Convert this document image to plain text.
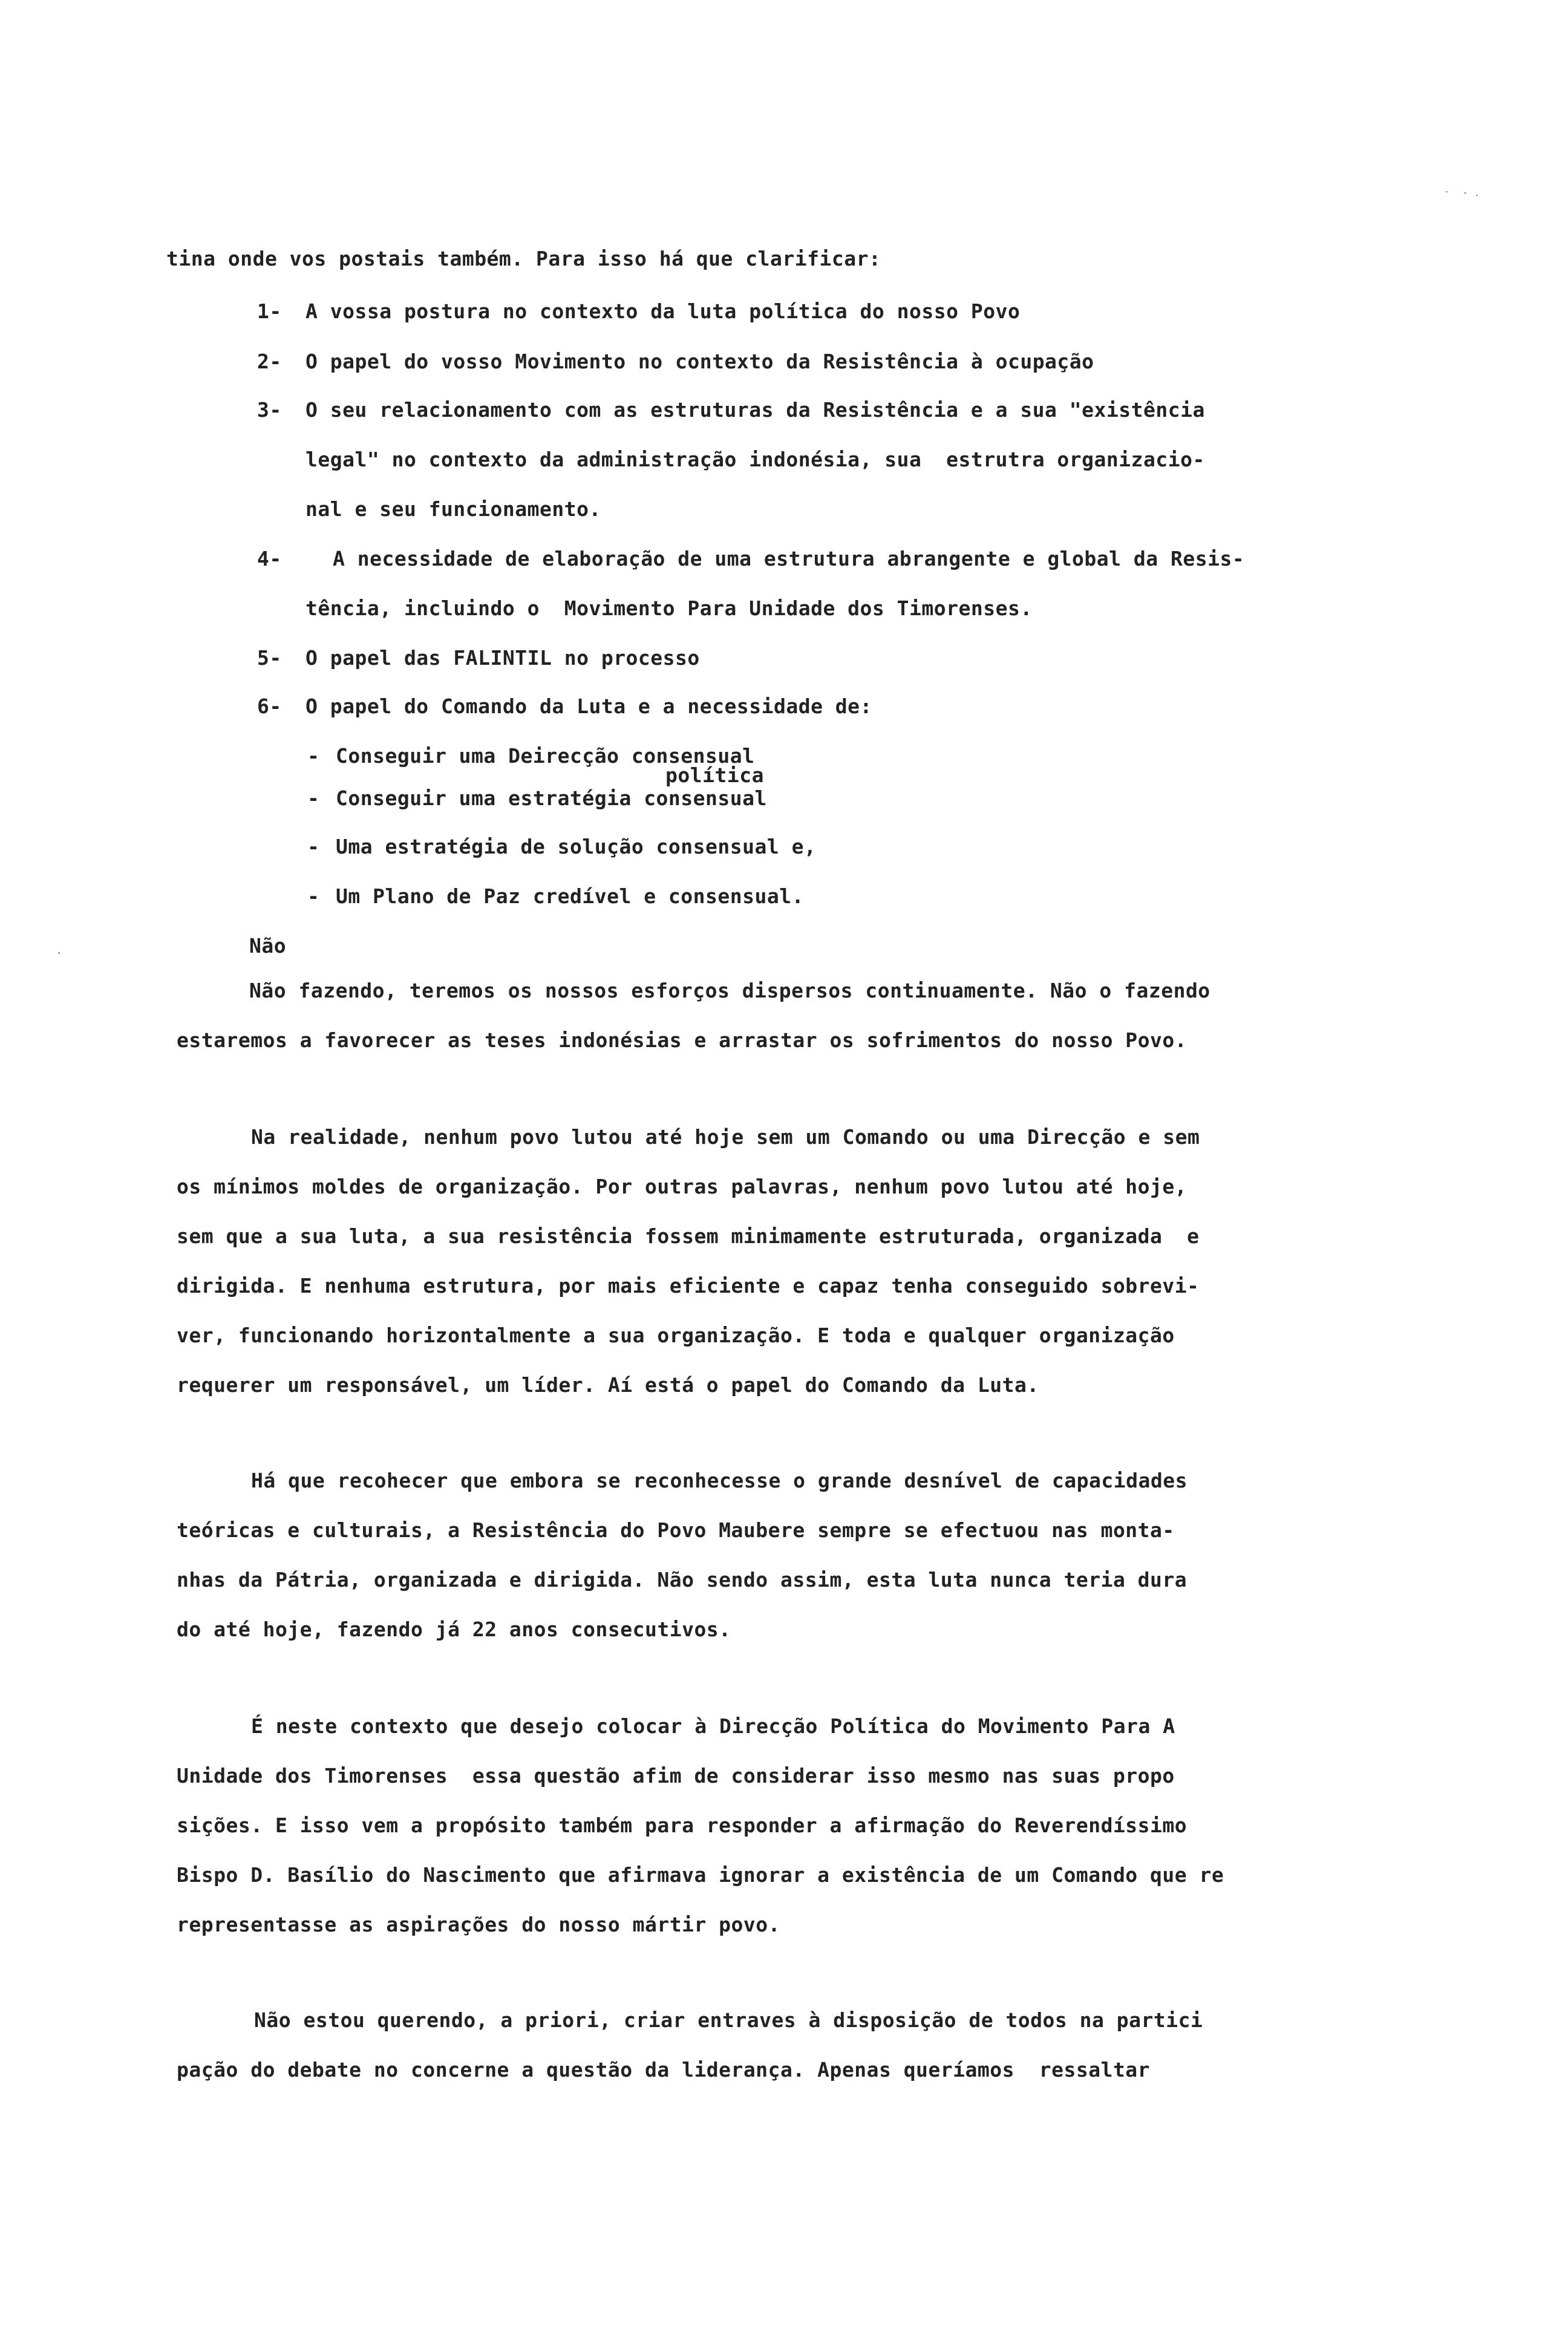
tina onde vos postais também. Para isso há que clarificar:
1- A vossa postura no contexto da luta política do nosso Povo
2- O papel do vosso Movimento no contexto da Resistência à ocupação
3- O seu relacionamento com as estruturas da Resistência e a sua "existência
legal" no contexto da administração indonésia, sua  estrutra organizacio-
nal e seu funcionamento.
4-	A necessidade de elaboração de uma estrutura abrangente e global da Resis-
tência, incluindo o  Movimento Para Unidade dos Timorenses.
5- O papel das FALINTIL no processo
6- O papel do Comando da Luta e a necessidade de:
- Conseguir uma Deirecção consensual
política
- Conseguir uma estratégia consensual
- Uma estratégia de solução consensual e,
- Um Plano de Paz credível e consensual.
Não
Não fazendo, teremos os nossos esforços dispersos continuamente. Não o fazendo
estaremos a favorecer as teses indonésias e arrastar os sofrimentos do nosso Povo.
Na realidade, nenhum povo lutou até hoje sem um Comando ou uma Direcção e sem
os mínimos moldes de organização. Por outras palavras, nenhum povo lutou até hoje,
sem que a sua luta, a sua resistência fossem minimamente estruturada, organizada  e
dirigida. E nenhuma estrutura, por mais eficiente e capaz tenha conseguido sobrevi-
ver, funcionando horizontalmente a sua organização. E toda e qualquer organização
requerer um responsável, um líder. Aí está o papel do Comando da Luta.
Há que recohecer que embora se reconhecesse o grande desnível de capacidades
teóricas e culturais, a Resistência do Povo Maubere sempre se efectuou nas monta-
nhas da Pátria, organizada e dirigida. Não sendo assim, esta luta nunca teria dura
do até hoje, fazendo já 22 anos consecutivos.
É neste contexto que desejo colocar à Direcção Política do Movimento Para A
Unidade dos Timorenses  essa questão afim de considerar isso mesmo nas suas propo
sições. E isso vem a propósito também para responder a afirmação do Reverendíssimo
Bispo D. Basílio do Nascimento que afirmava ignorar a existência de um Comando que re
representasse as aspirações do nosso mártir povo.
Não estou querendo, a priori, criar entraves à disposição de todos na partici
pação do debate no concerne a questão da liderança. Apenas queríamos  ressaltar
